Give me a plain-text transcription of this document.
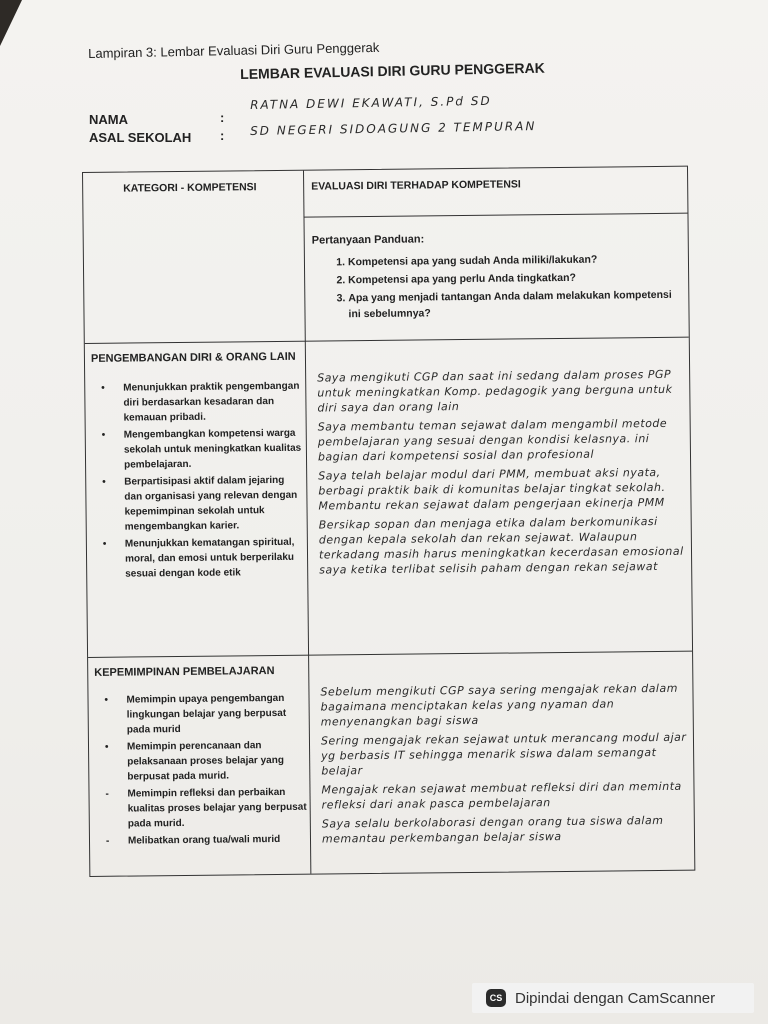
Lampiran 3: Lembar Evaluasi Diri Guru Penggerak
LEMBAR EVALUASI DIRI GURU PENGGERAK
NAMA	:
RATNA DEWI EKAWATI, S.Pd SD
ASAL SEKOLAH : SD NEGERI SIDOAGUNG 2 TEMPURAN
KATEGORI - KOMPETENSI	EVALUASI DIRI TERHADAP KOMPETENSI
Pertanyaan Panduan:
1. Kompetensi apa yang sudah Anda miliki/lakukan?
2. Kompetensi apa yang perlu Anda tingkatkan?
3. Apa yang menjadi tantangan Anda dalam melakukan kompetensi ini sebelumnya?
PENGEMBANGAN DIRI & ORANG LAIN
• Menunjukkan praktik pengembangan diri berdasarkan kesadaran dan kemauan pribadi.
• Mengembangkan kompetensi warga sekolah untuk meningkatkan kualitas pembelajaran.
• Berpartisipasi aktif dalam jejaring dan organisasi yang relevan dengan kepemimpinan sekolah untuk mengembangkan karier.
• Menunjukkan kematangan spiritual, moral, dan emosi untuk berperilaku sesuai dengan kode etik

Saya mengikuti CGP dan saat ini sedang dalam proses PGP untuk meningkatkan Komp. pedagogik yang berguna untuk diri saya dan orang lain

Saya membantu teman sejawat dalam mengambil metode pembelajaran yang sesuai dengan kondisi kelasnya. ini bagian dari kompetensi sosial dan profesional

Saya telah belajar modul dari PMM, membuat aksi nyata, berbagi praktik baik di komunitas belajar tingkat sekolah. Membantu rekan sejawat dalam pengerjaan ekinerja PMM

Bersikap sopan dan menjaga etika dalam berkomunikasi dengan kepala sekolah dan rekan sejawat. Walaupun terkadang masih harus meningkatkan kecerdasan emosional saya ketika terlibat selisih paham dengan rekan sejawat

KEPEMIMPINAN PEMBELAJARAN
• Memimpin upaya pengembangan lingkungan belajar yang berpusat pada murid
• Memimpin perencanaan dan pelaksanaan proses belajar yang berpusat pada murid.
- Memimpin refleksi dan perbaikan kualitas proses belajar yang berpusat pada murid.
- Melibatkan orang tua/wali murid

Sebelum mengikuti CGP saya sering mengajak rekan dalam bagaimana menciptakan kelas yang nyaman dan menyenangkan bagi siswa

Sering mengajak rekan sejawat untuk merancang modul ajar yg berbasis IT sehingga menarik siswa dalam semangat belajar

Mengajak rekan sejawat membuat refleksi diri dan meminta refleksi dari anak pasca pembelajaran

Saya selalu berkolaborasi dengan orang tua siswa dalam memantau perkembangan belajar siswa

CS Dipindai dengan CamScanner
